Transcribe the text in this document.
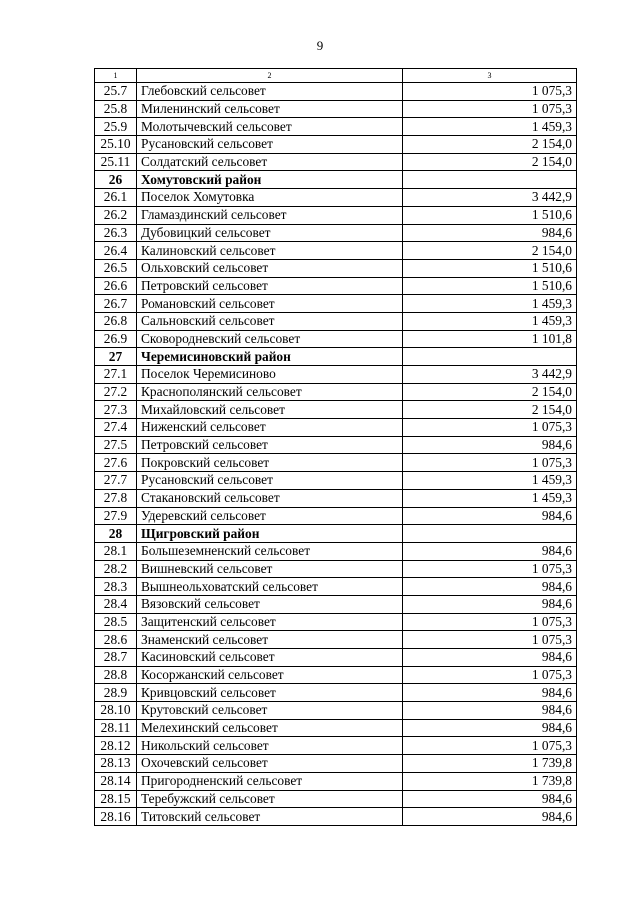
9
1	2	3
25.7	Глебовский сельсовет	1 075,3
25.8	Миленинский сельсовет	1 075,3
25.9	Молотычевский сельсовет	1 459,3
25.10	Русановский сельсовет	2 154,0
25.11	Солдатский сельсовет	2 154,0
26	Хомутовский район	
26.1	Поселок Хомутовка	3 442,9
26.2	Гламаздинский сельсовет	1 510,6
26.3	Дубовицкий сельсовет	984,6
26.4	Калиновский сельсовет	2 154,0
26.5	Ольховский сельсовет	1 510,6
26.6	Петровский сельсовет	1 510,6
26.7	Романовский сельсовет	1 459,3
26.8	Сальновский сельсовет	1 459,3
26.9	Сковородневский сельсовет	1 101,8
27	Черемисиновский район	
27.1	Поселок Черемисиново	3 442,9
27.2	Краснополянский сельсовет	2 154,0
27.3	Михайловский сельсовет	2 154,0
27.4	Ниженский сельсовет	1 075,3
27.5	Петровский сельсовет	984,6
27.6	Покровский сельсовет	1 075,3
27.7	Русановский сельсовет	1 459,3
27.8	Стакановский сельсовет	1 459,3
27.9	Удеревский сельсовет	984,6
28	Щигровский район	
28.1	Большеземненский сельсовет	984,6
28.2	Вишневский сельсовет	1 075,3
28.3	Вышнеольховатский сельсовет	984,6
28.4	Вязовский сельсовет	984,6
28.5	Защитенский сельсовет	1 075,3
28.6	Знаменский сельсовет	1 075,3
28.7	Касиновский сельсовет	984,6
28.8	Косоржанский сельсовет	1 075,3
28.9	Кривцовский сельсовет	984,6
28.10	Крутовский сельсовет	984,6
28.11	Мелехинский сельсовет	984,6
28.12	Никольский сельсовет	1 075,3
28.13	Охочевский сельсовет	1 739,8
28.14	Пригородненский сельсовет	1 739,8
28.15	Теребужский сельсовет	984,6
28.16	Титовский сельсовет	984,6
